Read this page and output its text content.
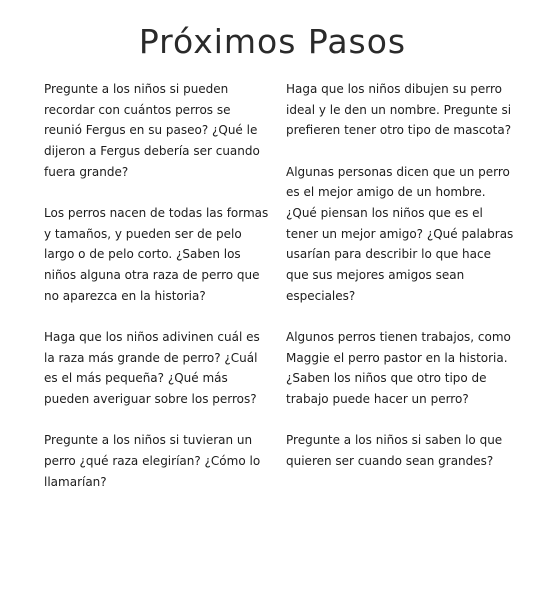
Próximos Pasos

Pregunte a los niños si pueden recordar con cuántos perros se reunió Fergus en su paseo? ¿Qué le dijeron a Fergus debería ser cuando fuera grande?

Los perros nacen de todas las formas y tamaños, y pueden ser de pelo largo o de pelo corto. ¿Saben los niños alguna otra raza de perro que no aparezca en la historia?

Haga que los niños adivinen cuál es la raza más grande de perro? ¿Cuál es el más pequeña? ¿Qué más pueden averiguar sobre los perros?

Pregunte a los niños si tuvieran un perro ¿qué raza elegirían? ¿Cómo lo llamarían?

Haga que los niños dibujen su perro ideal y le den un nombre. Pregunte si prefieren tener otro tipo de mascota?

Algunas personas dicen que un perro es el mejor amigo de un hombre. ¿Qué piensan los niños que es el tener un mejor amigo? ¿Qué palabras usarían para describir lo que hace que sus mejores amigos sean especiales?

Algunos perros tienen trabajos, como Maggie el perro pastor en la historia. ¿Saben los niños que otro tipo de trabajo puede hacer un perro?

Pregunte a los niños si saben lo que quieren ser cuando sean grandes?
